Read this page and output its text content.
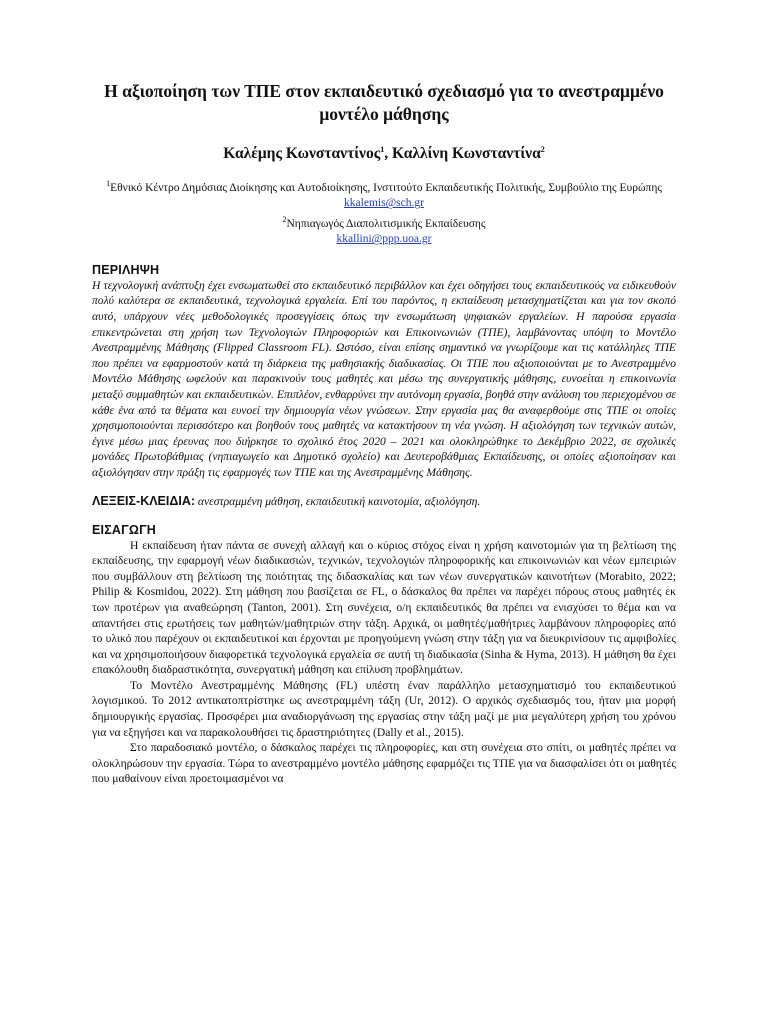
Η αξιοποίηση των ΤΠΕ στον εκπαιδευτικό σχεδιασμό για το ανεστραμμένο μοντέλο μάθησης
Καλέμης Κωνσταντίνος$^1$, Καλλίνη Κωνσταντίνα$^2$
$^1$Εθνικό Κέντρο Δημόσιας Διοίκησης και Αυτοδιοίκησης, Ινστιτούτο Εκπαιδευτικής Πολιτικής, Συμβούλιο της Ευρώπης
kkalemis@sch.gr
$^2$Νηπιαγωγός Διαπολιτισμικής Εκπαίδευσης
kkallini@ppp.uoa.gr
ΠΕΡΙΛΗΨΗ

Η τεχνολογική ανάπτυξη έχει ενσωματωθεί στο εκπαιδευτικό περιβάλλον και έχει οδηγήσει τους εκπαιδευτικούς να ειδικευθούν πολύ καλύτερα σε εκπαιδευτικά, τεχνολογικά εργαλεία. Επί του παρόντος, η εκπαίδευση μετασχηματίζεται και για τον σκοπό αυτό, υπάρχουν νέες μεθοδολογικές προσεγγίσεις όπως την ενσωμάτωση ψηφιακών εργαλείων. Η παρούσα εργασία επικεντρώνεται στη χρήση των Τεχνολογιών Πληροφοριών και Επικοινωνιών (ΤΠΕ), λαμβάνοντας υπόψη το Μοντέλο Ανεστραμμένης Μάθησης (Flipped Classroom FL). Ωστόσο, είναι επίσης σημαντικό να γνωρίζουμε και τις κατάλληλες ΤΠΕ που πρέπει να εφαρμοστούν κατά τη διάρκεια της μαθησιακής διαδικασίας. Οι ΤΠΕ που αξιοποιούνται με το Ανεστραμμένο Μοντέλο Μάθησης ωφελούν και παρακινούν τους μαθητές και μέσω της συνεργατικής μάθησης, ευνοείται η επικοινωνία μεταξύ συμμαθητών και εκπαιδευτικών. Επιπλέον, ενθαρρύνει την αυτόνομη εργασία, βοηθά στην ανάλυση του περιεχομένου σε κάθε ένα από τα θέματα και ευνοεί την δημιουργία νέων γνώσεων. Στην εργασία μας θα αναφερθούμε στις ΤΠΕ οι οποίες χρησιμοποιούνται περισσότερο και βοηθούν τους μαθητές να κατακτήσουν τη νέα γνώση. Η αξιολόγηση των τεχνικών αυτών, έγινε μέσω μιας έρευνας που διήρκησε το σχολικό έτος 2020 – 2021 και ολοκληρώθηκε το Δεκέμβριο 2022, σε σχολικές μονάδες Πρωτοβάθμιας (νηπιαγωγείο και Δημοτικό σχολείο) και Δευτεροβάθμιας Εκπαίδευσης, οι οποίες αξιοποίησαν και αξιολόγησαν στην πράξη τις εφαρμογές των ΤΠΕ και της Ανεστραμμένης Μάθησης.

ΛΕΞΕΙΣ-ΚΛΕΙΔΙΑ: ανεστραμμένη μάθηση, εκπαιδευτική καινοτομία, αξιολόγηση.
ΕΙΣΑΓΩΓΗ

Η εκπαίδευση ήταν πάντα σε συνεχή αλλαγή και ο κύριος στόχος είναι η χρήση καινοτομιών για τη βελτίωση της εκπαίδευσης, την εφαρμογή νέων διαδικασιών, τεχνικών, τεχνολογιών πληροφορικής και επικοινωνιών και νέων εμπειριών που συμβάλλουν στη βελτίωση της ποιότητας της διδασκαλίας και των νέων συνεργατικών καινοτήτων (Morabito, 2022; Philip & Kosmidou, 2022). Στη μάθηση που βασίζεται σε FL, ο δάσκαλος θα πρέπει να παρέχει πόρους στους μαθητές εκ των προτέρων για αναθεώρηση (Tanton, 2001). Στη συνέχεια, ο/η εκπαιδευτικός θα πρέπει να ενισχύσει το θέμα και να απαντήσει στις ερωτήσεις των μαθητών/μαθητριών στην τάξη. Αρχικά, οι μαθητές/μαθήτριες λαμβάνουν πληροφορίες από το υλικό που παρέχουν οι εκπαιδευτικοί και έρχονται με προηγούμενη γνώση στην τάξη για να διευκρινίσουν τις αμφιβολίες και να χρησιμοποιήσουν διαφορετικά τεχνολογικά εργαλεία σε αυτή τη διαδικασία (Sinha & Hyma, 2013). Η μάθηση θα έχει επακόλουθη διαδραστικότητα, συνεργατική μάθηση και επίλυση προβλημάτων.

Το Μοντέλο Ανεστραμμένης Μάθησης (FL) υπέστη έναν παράλληλο μετασχηματισμό του εκπαιδευτικού λογισμικού. Το 2012 αντικατοπτρίστηκε ως ανεστραμμένη τάξη (Ur, 2012). Ο αρχικός σχεδιασμός του, ήταν μια μορφή δημιουργικής εργασίας. Προσφέρει μια αναδιοργάνωση της εργασίας στην τάξη μαζί με μια μεγαλύτερη χρήση του χρόνου για να εξηγήσει και να παρακολουθήσει τις δραστηριότητες (Dally et al., 2015).

Στο παραδοσιακό μοντέλο, ο δάσκαλος παρέχει τις πληροφορίες, και στη συνέχεια στο σπίτι, οι μαθητές πρέπει να ολοκληρώσουν την εργασία. Τώρα το ανεστραμμένο μοντέλο μάθησης εφαρμόζει τις ΤΠΕ για να διασφαλίσει ότι οι μαθητές που μαθαίνουν είναι προετοιμασμένοι να
